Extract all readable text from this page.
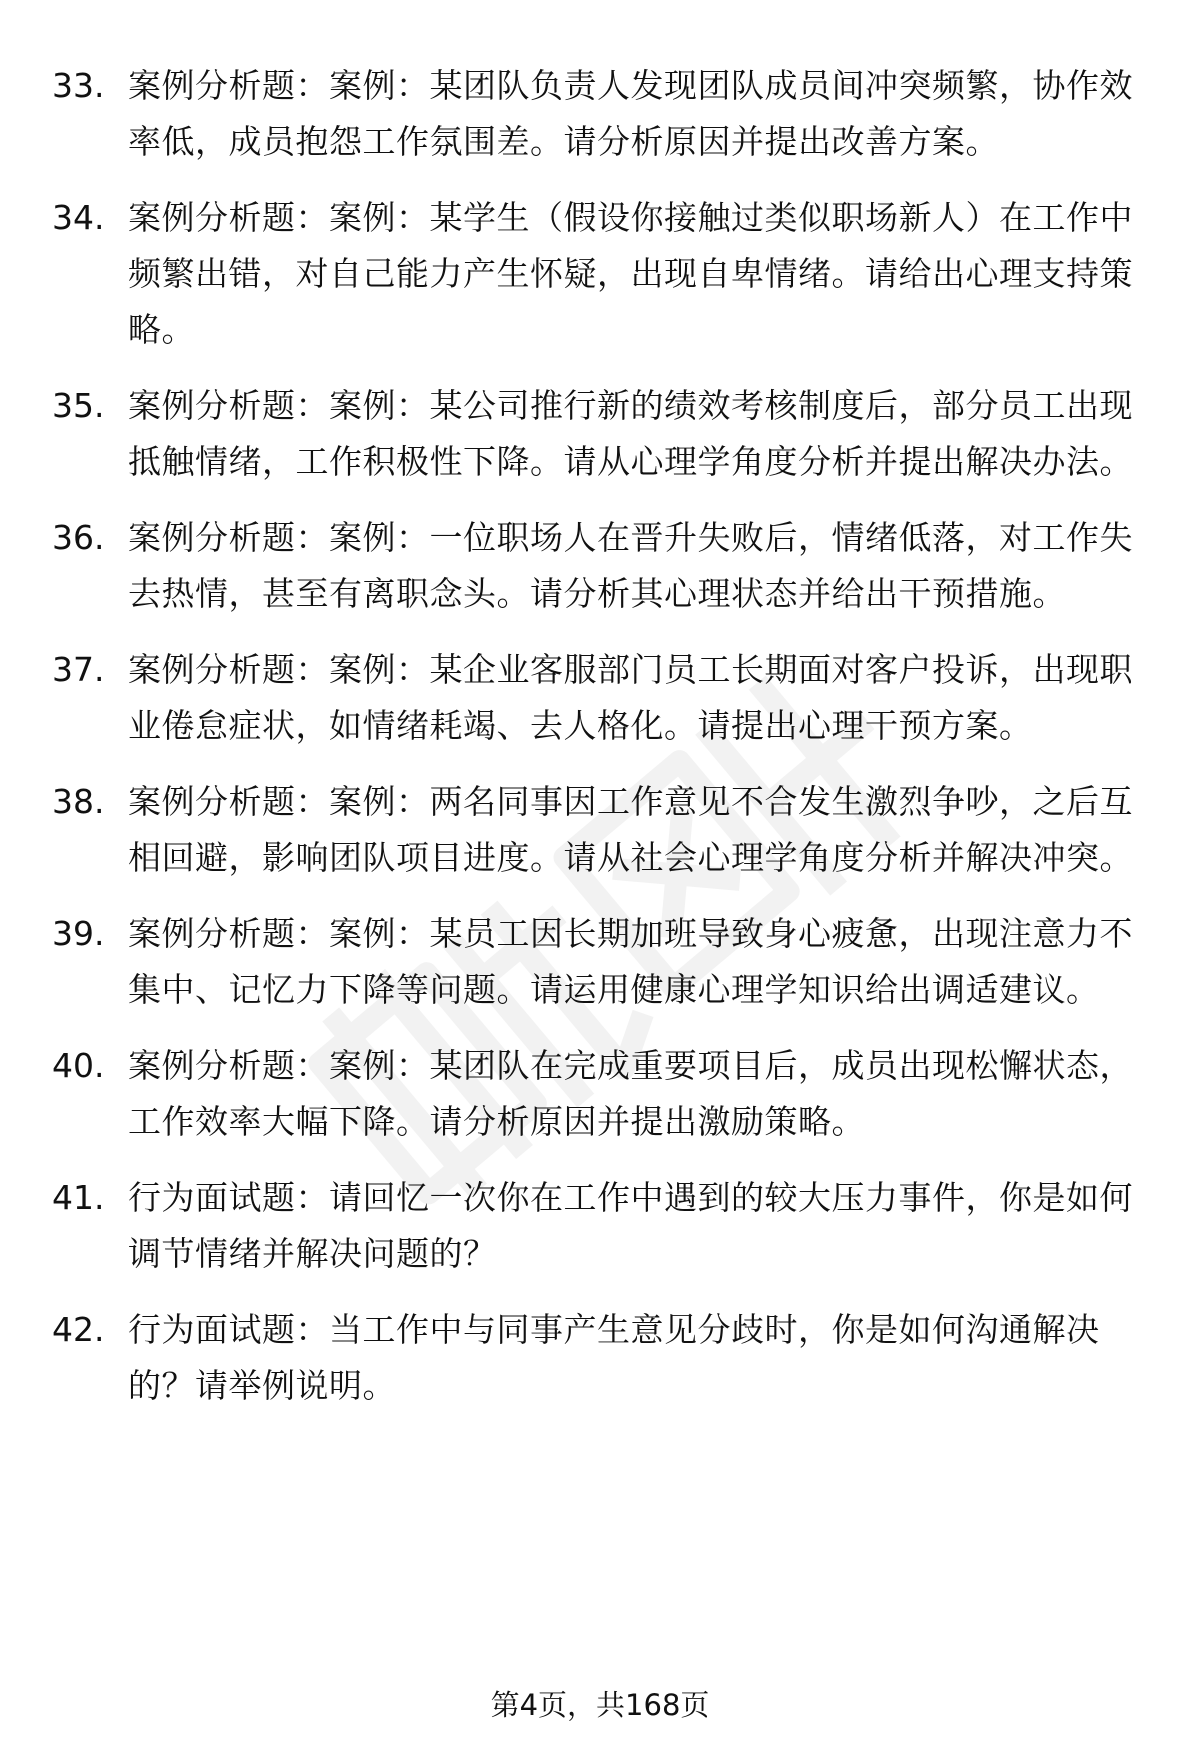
33. 案例分析题：案例：某团队负责人发现团队成员间冲突频繁，协作效率低，成员抱怨工作氛围差。请分析原因并提出改善方案。
34. 案例分析题：案例：某学生（假设你接触过类似职场新人）在工作中频繁出错，对自己能力产生怀疑，出现自卑情绪。请给出心理支持策略。
35. 案例分析题：案例：某公司推行新的绩效考核制度后，部分员工出现抵触情绪，工作积极性下降。请从心理学角度分析并提出解决办法。
36. 案例分析题：案例：一位职场人在晋升失败后，情绪低落，对工作失去热情，甚至有离职念头。请分析其心理状态并给出干预措施。
37. 案例分析题：案例：某企业客服部门员工长期面对客户投诉，出现职业倦怠症状，如情绪耗竭、去人格化。请提出心理干预方案。
38. 案例分析题：案例：两名同事因工作意见不合发生激烈争吵，之后互相回避，影响团队项目进度。请从社会心理学角度分析并解决冲突。
39. 案例分析题：案例：某员工因长期加班导致身心疲惫，出现注意力不集中、记忆力下降等问题。请运用健康心理学知识给出调适建议。
40. 案例分析题：案例：某团队在完成重要项目后，成员出现松懈状态，工作效率大幅下降。请分析原因并提出激励策略。
41. 行为面试题：请回忆一次你在工作中遇到的较大压力事件，你是如何调节情绪并解决问题的？
42. 行为面试题：当工作中与同事产生意见分歧时，你是如何沟通解决的？请举例说明。
第4页，共168页
